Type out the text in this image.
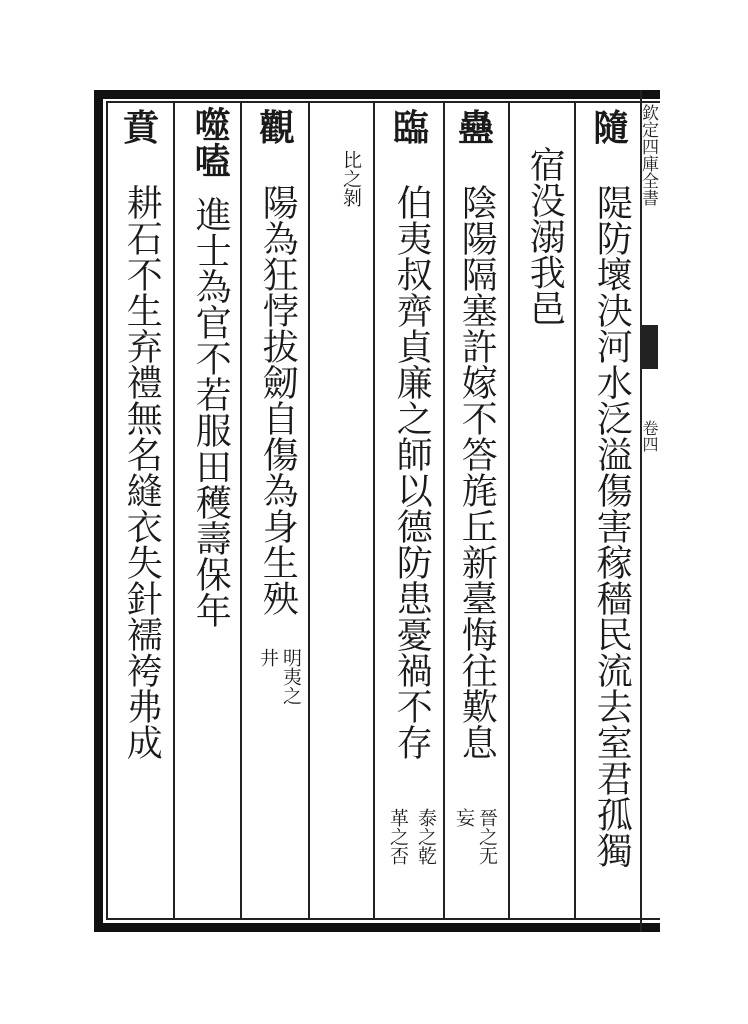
欽定四庫全書
卷四
隨
隄防壞決河水泛溢傷害稼穡民流去室君孤獨
宿没溺我邑
蠱
陰陽隔塞許嫁不答旄丘新臺悔往歎息
晉之无妄
臨
伯夷叔齊貞廉之師以德防患憂禍不存
泰之乾
革之否
比之剝
觀
陽為狂悖拔劒自傷為身生殃
明夷之井
噬嗑
進士為官不若服田穫壽保年
賁
耕石不生弃禮無名縫衣失針襦袴弗成
